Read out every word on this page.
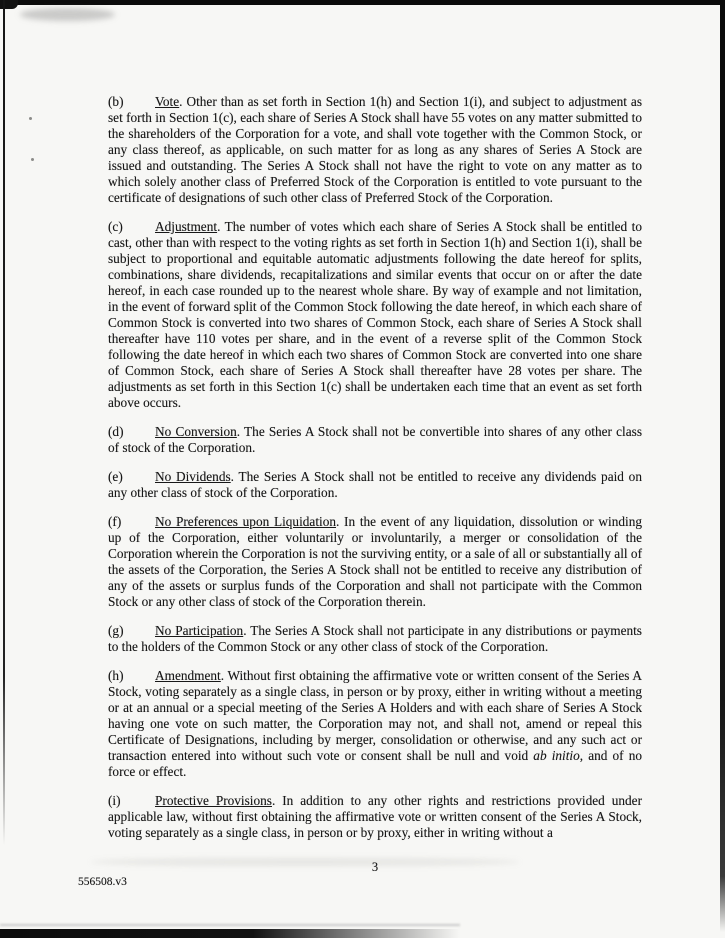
(b) Vote. Other than as set forth in Section 1(h) and Section 1(i), and subject to adjustment as set forth in Section 1(c), each share of Series A Stock shall have 55 votes on any matter submitted to the shareholders of the Corporation for a vote, and shall vote together with the Common Stock, or any class thereof, as applicable, on such matter for as long as any shares of Series A Stock are issued and outstanding. The Series A Stock shall not have the right to vote on any matter as to which solely another class of Preferred Stock of the Corporation is entitled to vote pursuant to the certificate of designations of such other class of Preferred Stock of the Corporation.

(c) Adjustment. The number of votes which each share of Series A Stock shall be entitled to cast, other than with respect to the voting rights as set forth in Section 1(h) and Section 1(i), shall be subject to proportional and equitable automatic adjustments following the date hereof for splits, combinations, share dividends, recapitalizations and similar events that occur on or after the date hereof, in each case rounded up to the nearest whole share. By way of example and not limitation, in the event of forward split of the Common Stock following the date hereof, in which each share of Common Stock is converted into two shares of Common Stock, each share of Series A Stock shall thereafter have 110 votes per share, and in the event of a reverse split of the Common Stock following the date hereof in which each two shares of Common Stock are converted into one share of Common Stock, each share of Series A Stock shall thereafter have 28 votes per share. The adjustments as set forth in this Section 1(c) shall be undertaken each time that an event as set forth above occurs.

(d) No Conversion. The Series A Stock shall not be convertible into shares of any other class of stock of the Corporation.

(e) No Dividends. The Series A Stock shall not be entitled to receive any dividends paid on any other class of stock of the Corporation.

(f)	No Preferences upon Liquidation. In the event of any liquidation, dissolution or winding up of the Corporation, either voluntarily or involuntarily, a merger or consolidation of the Corporation wherein the Corporation is not the surviving entity, or a sale of all or substantially all of the assets of the Corporation, the Series A Stock shall not be entitled to receive any distribution of any of the assets or surplus funds of the Corporation and shall not participate with the Common Stock or any other class of stock of the Corporation therein.

(g) No Participation. The Series A Stock shall not participate in any distributions or payments to the holders of the Common Stock or any other class of stock of the Corporation.

(h) Amendment. Without first obtaining the affirmative vote or written consent of the Series A Stock, voting separately as a single class, in person or by proxy, either in writing without a meeting or at an annual or a special meeting of the Series A Holders and with each share of Series A Stock having one vote on such matter, the Corporation may not, and shall not, amend or repeal this Certificate of Designations, including by merger, consolidation or otherwise, and any such act or transaction entered into without such vote or consent shall be null and void ab initio, and of no force or effect.

(i)	Protective Provisions. In addition to any other rights and restrictions provided under applicable law, without first obtaining the affirmative vote or written consent of the Series A Stock, voting separately as a single class, in person or by proxy, either in writing without a

3
556508.v3
